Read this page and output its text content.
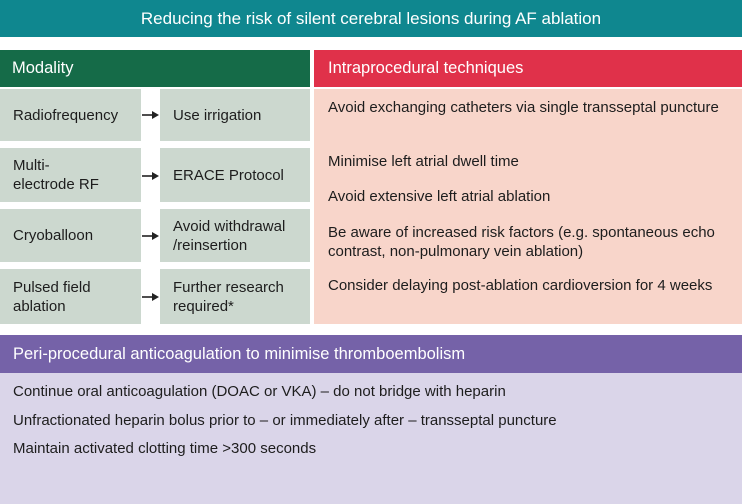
Reducing the risk of silent cerebral lesions during AF ablation
Modality	Intraprocedural techniques
Radiofrequency	Use irrigation
Multi-electrode RF
ERACE Protocol
Cryoballoon
Avoid withdrawal /reinsertion
Pulsed field ablation
Further research required*
Avoid exchanging catheters via single transseptal puncture
Minimise left atrial dwell time
Avoid extensive left atrial ablation
Be aware of increased risk factors (e.g. spontaneous echo contrast, non-pulmonary vein ablation)
Consider delaying post-ablation cardioversion for 4 weeks
Peri-procedural anticoagulation to minimise thromboembolism
Continue oral anticoagulation (DOAC or VKA) – do not bridge with heparin
Unfractionated heparin bolus prior to – or immediately after – transseptal puncture
Maintain activated clotting time >300 seconds
